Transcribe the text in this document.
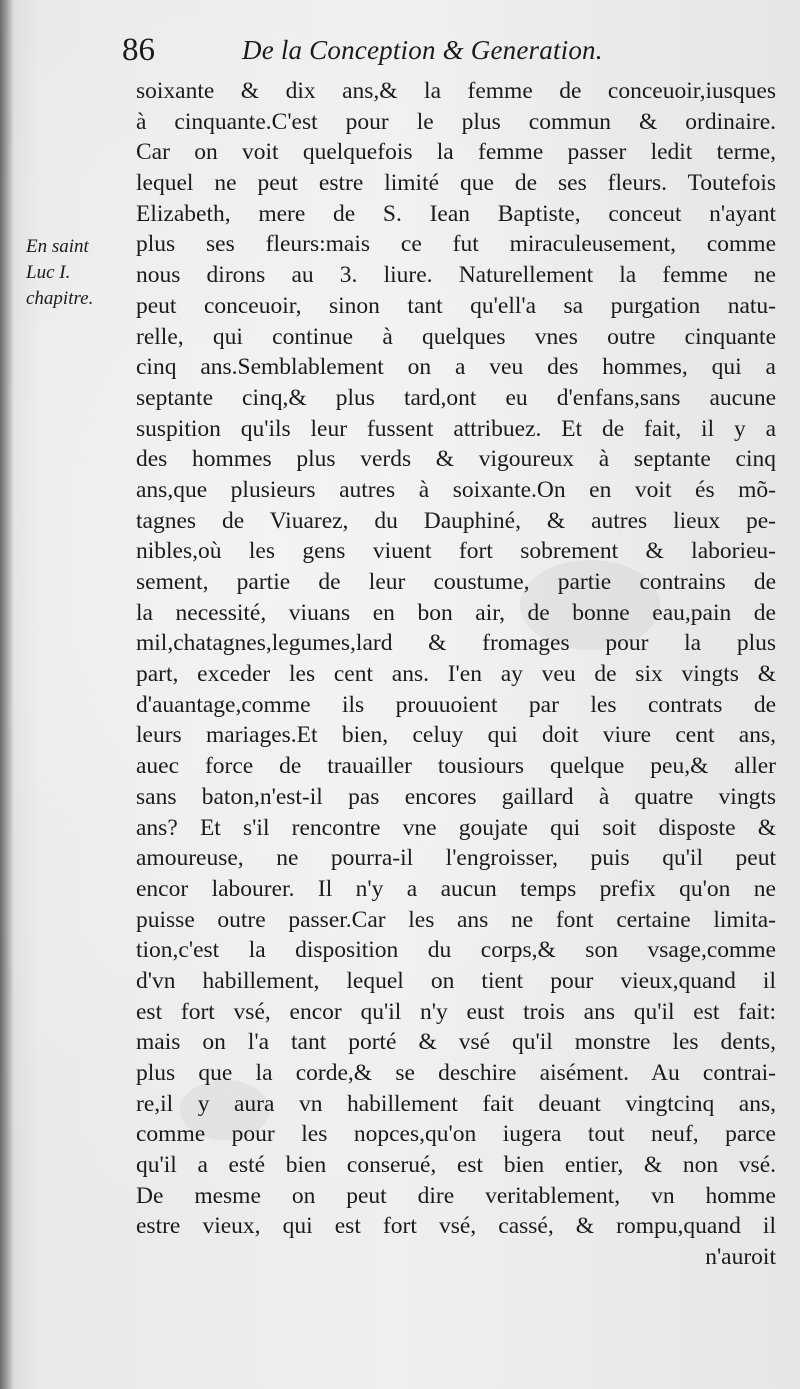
86	De la Conception & Generation.
En saint
Luc I.
chapitre.
soixante & dix ans,& la femme de conceuoir,iusques
à cinquante.C'est pour le plus commun & ordinaire.
Car on voit quelquefois la femme passer ledit terme,
lequel ne peut estre limité que de ses fleurs. Toutefois
Elizabeth, mere de S. Iean Baptiste, conceut n'ayant
plus ses fleurs:mais ce fut miraculeusement, comme
nous dirons au 3. liure. Naturellement la femme ne
peut conceuoir, sinon tant qu'ell'a sa purgation natu-
relle, qui continue à quelques vnes outre cinquante
cinq ans.Semblablement on a veu des hommes, qui a
septante cinq,& plus tard,ont eu d'enfans,sans aucune
suspition qu'ils leur fussent attribuez. Et de fait, il y a
des hommes plus verds & vigoureux à septante cinq
ans,que plusieurs autres à soixante.On en voit és mõ-
tagnes de Viuarez, du Dauphiné, & autres lieux pe-
nibles,où les gens viuent fort sobrement & laborieu-
sement, partie de leur coustume, partie contrains de
la necessité, viuans en bon air, de bonne eau,pain de
mil,chatagnes,legumes,lard & fromages pour la plus
part, exceder les cent ans. I'en ay veu de six vingts &
d'auantage,comme ils prouuoient par les contrats de
leurs mariages.Et bien, celuy qui doit viure cent ans,
auec force de trauailler tousiours quelque peu,& aller
sans baton,n'est-il pas encores gaillard à quatre vingts
ans? Et s'il rencontre vne goujate qui soit disposte &
amoureuse, ne pourra-il l'engroisser, puis qu'il peut
encor labourer. Il n'y a aucun temps prefix qu'on ne
puisse outre passer.Car les ans ne font certaine limita-
tion,c'est la disposition du corps,& son vsage,comme
d'vn habillement, lequel on tient pour vieux,quand il
est fort vsé, encor qu'il n'y eust trois ans qu'il est fait:
mais on l'a tant porté & vsé qu'il monstre les dents,
plus que la corde,& se deschire aisément. Au contrai-
re,il y aura vn habillement fait deuant vingtcinq ans,
comme pour les nopces,qu'on iugera tout neuf, parce
qu'il a esté bien conserué, est bien entier, & non vsé.
De mesme on peut dire veritablement, vn homme
estre vieux, qui est fort vsé, cassé, & rompu,quand il
n'auroit
